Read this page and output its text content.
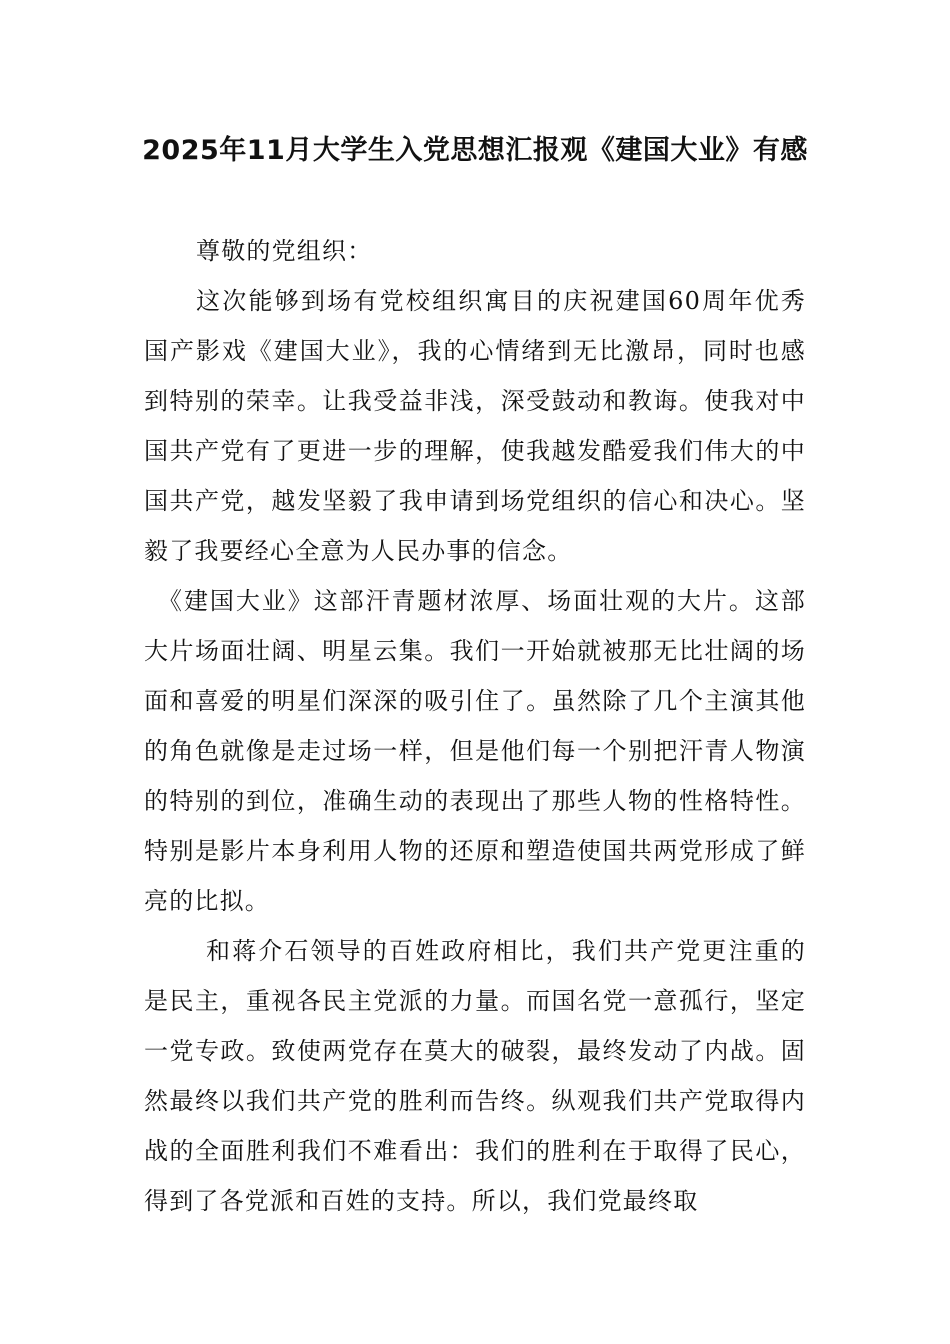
2025年11月大学生入党思想汇报观《建国大业》有感
尊敬的党组织：
这次能够到场有党校组织寓目的庆祝建国60周年优秀国产影戏《建国大业》，我的心情绪到无比激昂，同时也感到特别的荣幸。让我受益非浅，深受鼓动和教诲。使我对中国共产党有了更进一步的理解，使我越发酷爱我们伟大的中国共产党，越发坚毅了我申请到场党组织的信心和决心。坚毅了我要经心全意为人民办事的信念。
《建国大业》这部汗青题材浓厚、场面壮观的大片。这部大片场面壮阔、明星云集。我们一开始就被那无比壮阔的场面和喜爱的明星们深深的吸引住了。虽然除了几个主演其他的角色就像是走过场一样，但是他们每一个别把汗青人物演的特别的到位，准确生动的表现出了那些人物的性格特性。特别是影片本身利用人物的还原和塑造使国共两党形成了鲜亮的比拟。
和蒋介石领导的百姓政府相比，我们共产党更注重的是民主，重视各民主党派的力量。而国名党一意孤行，坚定一党专政。致使两党存在莫大的破裂，最终发动了内战。固然最终以我们共产党的胜利而告终。纵观我们共产党取得内战的全面胜利我们不难看出：我们的胜利在于取得了民心，得到了各党派和百姓的支持。所以，我们党最终取
